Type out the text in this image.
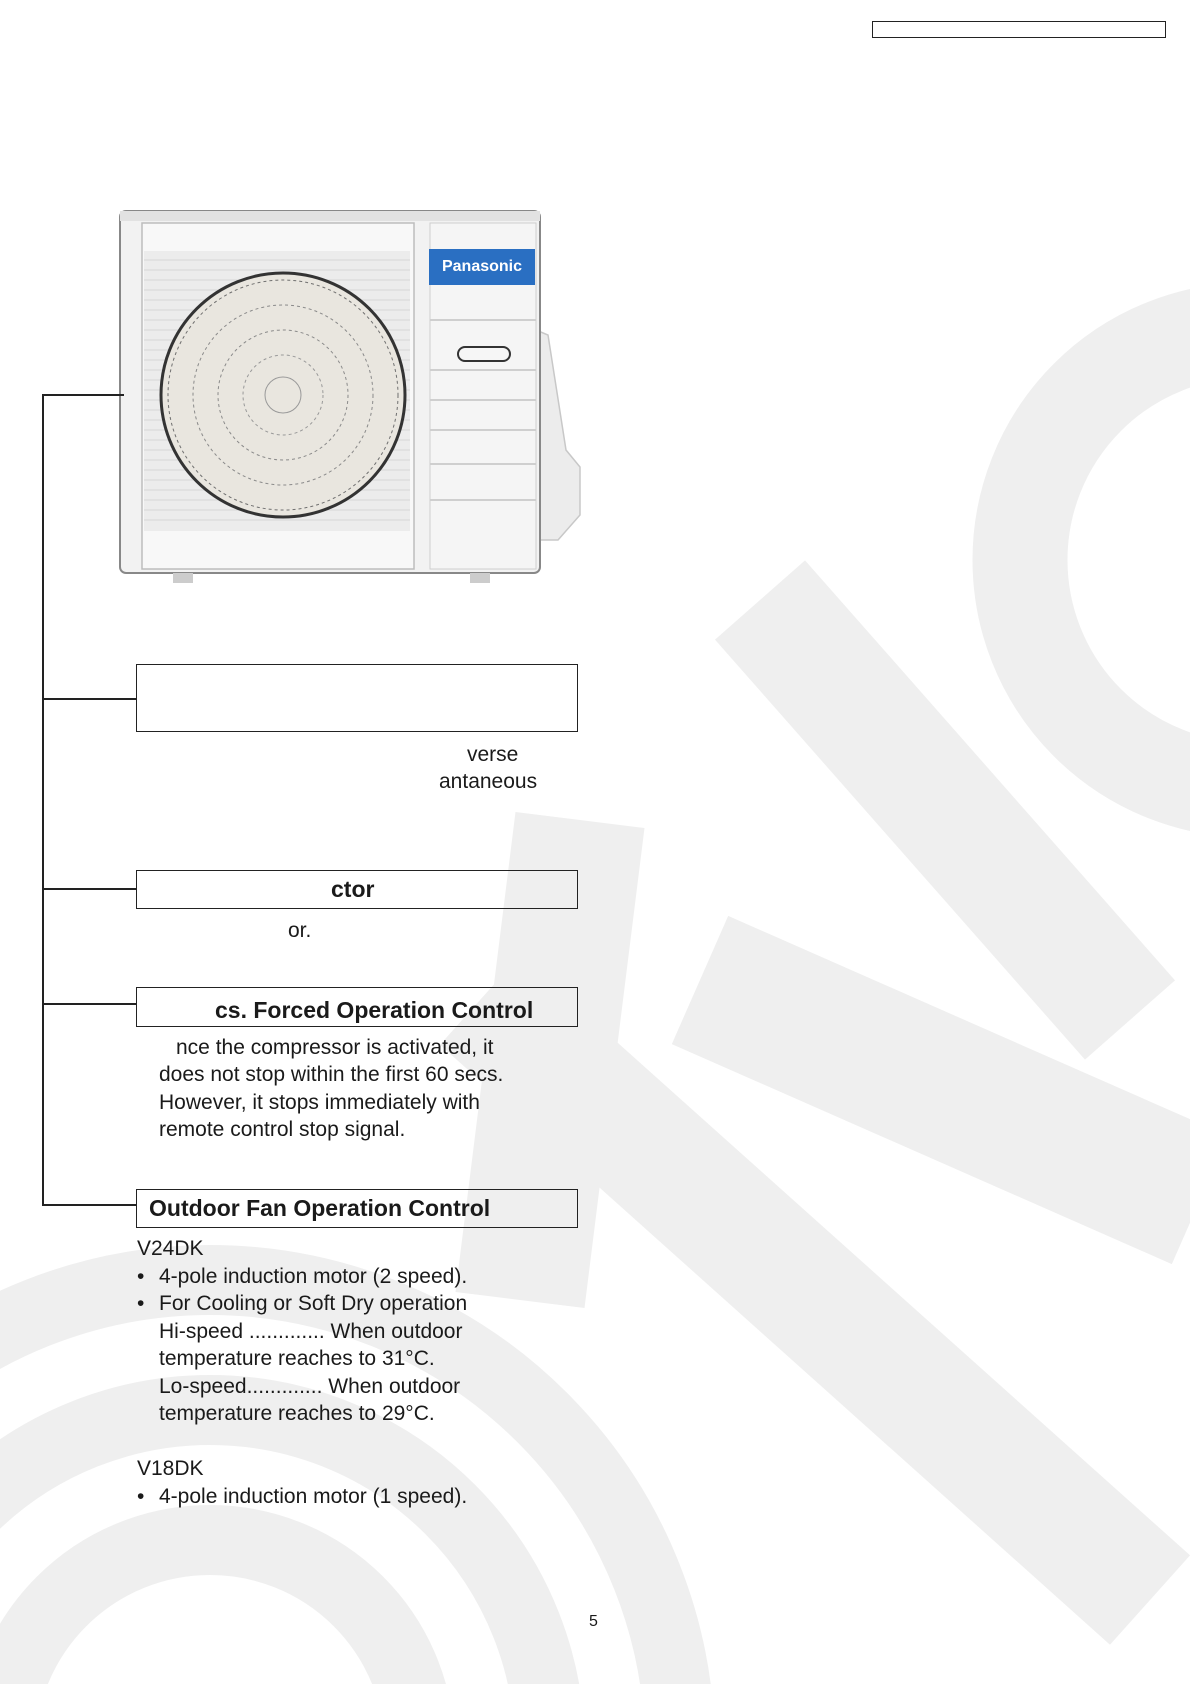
Panasonic
verse
antaneous
ctor
or.
cs. Forced Operation Control
nce the compressor is activated, it
does not stop within the first 60 secs.
However, it stops immediately with
remote control stop signal.
Outdoor Fan Operation Control
V24DK
• 4-pole induction motor (2 speed).
• For Cooling or Soft Dry operation
Hi-speed ............. When outdoor
temperature reaches to 31°C.
Lo-speed............. When outdoor
temperature reaches to 29°C.
V18DK
• 4-pole induction motor (1 speed).
5
